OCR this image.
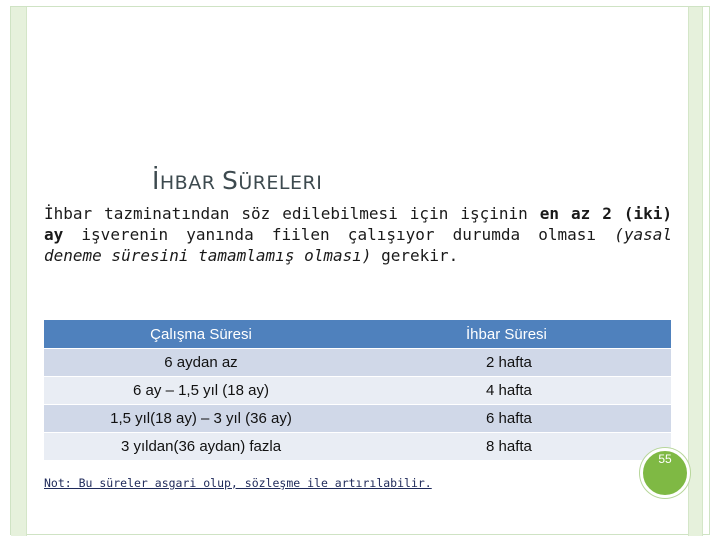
İHBAR SÜRELERI
İhbar tazminatından söz edilebilmesi için işçinin en az 2 (iki) ay işverenin yanında fiilen çalışıyor durumda olması (yasal deneme süresini tamamlamış olması) gerekir.
Çalışma Süresi	İhbar Süresi
6 aydan az	2 hafta
6 ay – 1,5 yıl (18 ay)	4 hafta
1,5 yıl(18 ay) – 3 yıl (36 ay)	6 hafta
3 yıldan(36 aydan) fazla	8 hafta
Not: Bu süreler asgari olup, sözleşme ile artırılabilir.
55
